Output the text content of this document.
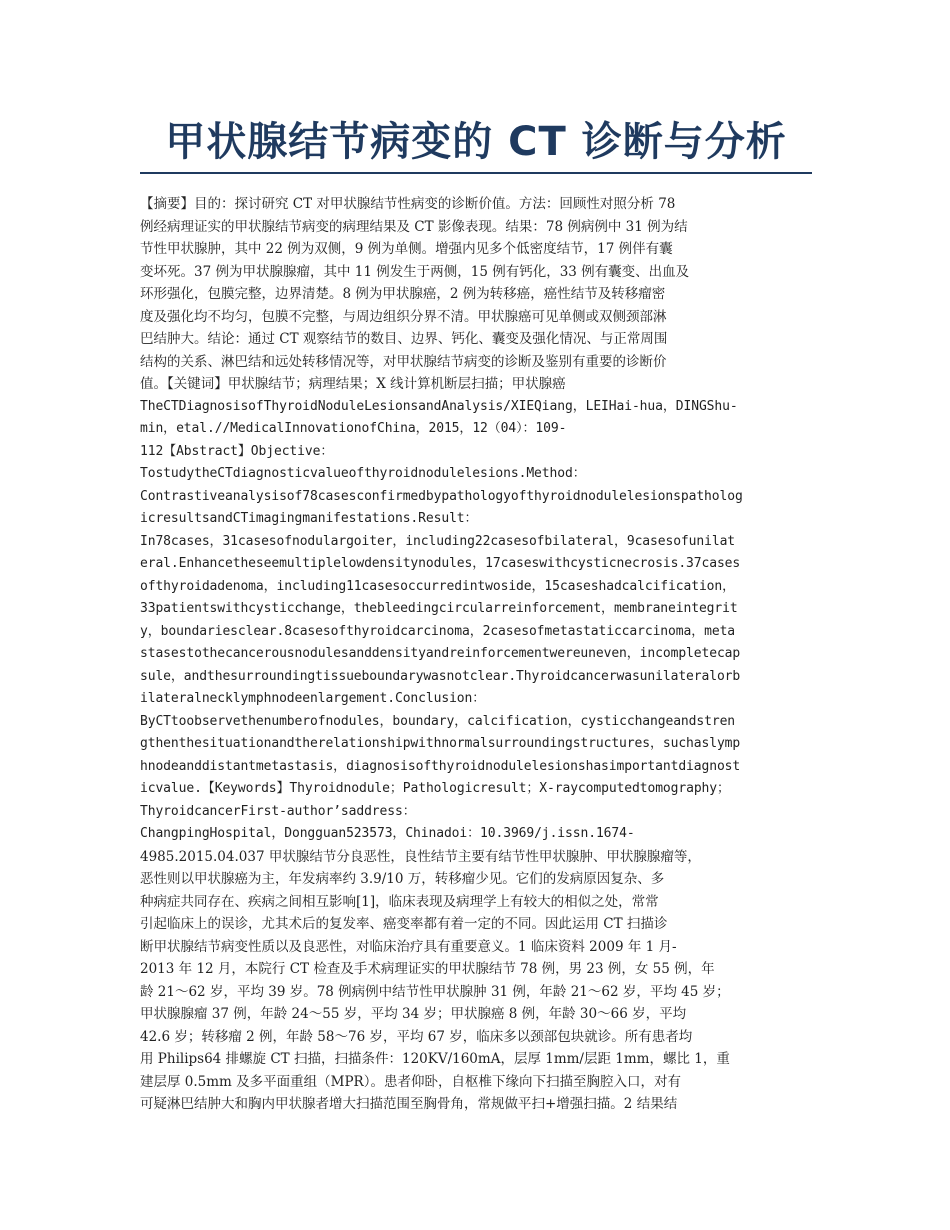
甲状腺结节病变的 CT 诊断与分析
【摘要】目的：探讨研究 CT 对甲状腺结节性病变的诊断价值。方法：回顾性对照分析 78
例经病理证实的甲状腺结节病变的病理结果及 CT 影像表现。结果：78 例病例中 31 例为结
节性甲状腺肿，其中 22 例为双侧，9 例为单侧。增强内见多个低密度结节，17 例伴有囊
变坏死。37 例为甲状腺腺瘤，其中 11 例发生于两侧，15 例有钙化，33 例有囊变、出血及
环形强化，包膜完整，边界清楚。8 例为甲状腺癌，2 例为转移癌，癌性结节及转移瘤密
度及强化均不均匀，包膜不完整，与周边组织分界不清。甲状腺癌可见单侧或双侧颈部淋
巴结肿大。结论：通过 CT 观察结节的数目、边界、钙化、囊变及强化情况、与正常周围
结构的关系、淋巴结和远处转移情况等，对甲状腺结节病变的诊断及鉴别有重要的诊断价
值。【关键词】甲状腺结节；病理结果；X 线计算机断层扫描；甲状腺癌
TheCTDiagnosisofThyroidNoduleLesionsandAnalysis/XIEQiang，LEIHai-hua，DINGShu-
min，etal.//MedicalInnovationofChina，2015，12（04）：109-
112【Abstract】Objective：
TostudytheCTdiagnosticvalueofthyroidnodulelesions.Method：
Contrastiveanalysisof78casesconfirmedbypathologyofthyroidnodulelesionspatholog
icresultsandCTimagingmanifestations.Result：
In78cases，31casesofnodulargoiter，including22casesofbilateral，9casesofunilat
eral.Enhancetheseemultiplelowdensitynodules，17caseswithcysticnecrosis.37cases
ofthyroidadenoma，including11casesoccurredintwoside，15caseshadcalcification，
33patientswithcysticchange，thebleedingcircularreinforcement，membraneintegrit
y，boundariesclear.8casesofthyroidcarcinoma，2casesofmetastaticcarcinoma，meta
stasestothecancerousnodulesanddensityandreinforcementwereuneven，incompletecap
sule，andthesurroundingtissueboundarywasnotclear.Thyroidcancerwasunilateralorb
ilateralnecklymphnodeenlargement.Conclusion：
ByCTtoobservethenumberofnodules，boundary，calcification，cysticchangeandstren
gthenthesituationandtherelationshipwithnormalsurroundingstructures，suchaslymp
hnodeanddistantmetastasis，diagnosisofthyroidnodulelesionshasimportantdiagnost
icvalue.【Keywords】Thyroidnodule；Pathologicresult；X-raycomputedtomography；
ThyroidcancerFirst-author’saddress：
ChangpingHospital，Dongguan523573，Chinadoi：10.3969/j.issn.1674-
4985.2015.04.037 甲状腺结节分良恶性，良性结节主要有结节性甲状腺肿、甲状腺腺瘤等，
恶性则以甲状腺癌为主，年发病率约 3.9/10 万，转移瘤少见。它们的发病原因复杂、多
种病症共同存在、疾病之间相互影响[1]，临床表现及病理学上有较大的相似之处，常常
引起临床上的误诊，尤其术后的复发率、癌变率都有着一定的不同。因此运用 CT 扫描诊
断甲状腺结节病变性质以及良恶性，对临床治疗具有重要意义。1 临床资料 2009 年 1 月-
2013 年 12 月，本院行 CT 检查及手术病理证实的甲状腺结节 78 例，男 23 例，女 55 例，年
龄 21～62 岁，平均 39 岁。78 例病例中结节性甲状腺肿 31 例，年龄 21～62 岁，平均 45 岁；
甲状腺腺瘤 37 例，年龄 24～55 岁，平均 34 岁；甲状腺癌 8 例，年龄 30～66 岁，平均
42.6 岁；转移瘤 2 例，年龄 58～76 岁，平均 67 岁，临床多以颈部包块就诊。所有患者均
用 Philips64 排螺旋 CT 扫描，扫描条件：120KV/160mA，层厚 1mm/层距 1mm，螺比 1，重
建层厚 0.5mm 及多平面重组（MPR）。患者仰卧，自枢椎下缘向下扫描至胸腔入口，对有
可疑淋巴结肿大和胸内甲状腺者增大扫描范围至胸骨角，常规做平扫+增强扫描。2 结果结
